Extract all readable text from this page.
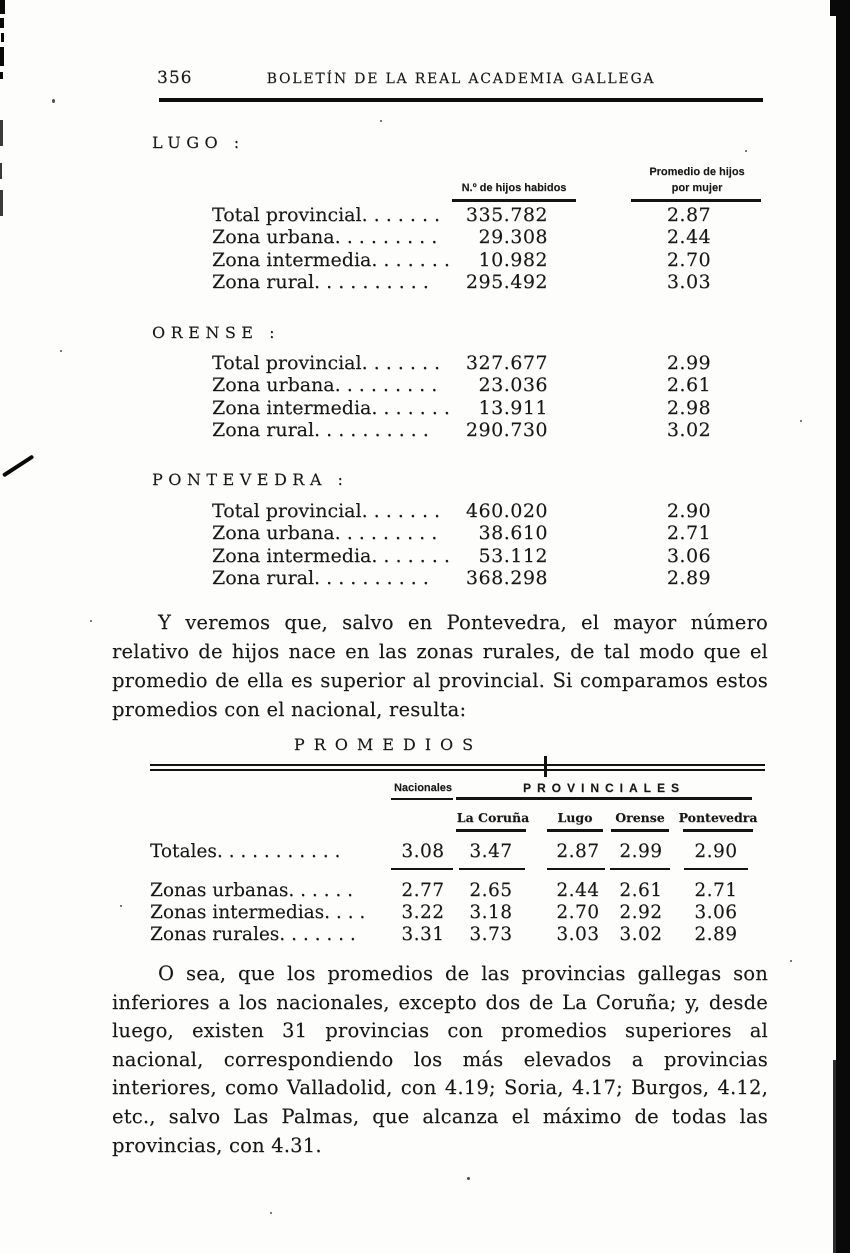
356	BOLETÍN DE LA REAL ACADEMIA GALLEGA
LUGO :
N.º de hijos habidos
Promedio de hijos
por mujer
Total provincial. . . . . . .	335.782	2.87
Zona urbana. . . . . . . . .	29.308	2.44
Zona intermedia. . . . . . .	10.982	2.70
Zona rural. . . . . . . . . .	295.492	3.03
ORENSE :
Total provincial. . . . . . .	327.677	2.99
Zona urbana. . . . . . . . .	23.036	2.61
Zona intermedia. . . . . . .	13.911	2.98
Zona rural. . . . . . . . . .	290.730	3.02
PONTEVEDRA :
Total provincial. . . . . . .	460.020	2.90
Zona urbana. . . . . . . . .	38.610	2.71
Zona intermedia. . . . . . .	53.112	3.06
Zona rural. . . . . . . . . .	368.298	2.89

Y veremos que, salvo en Pontevedra, el mayor número relativo de hijos nace en las zonas rurales, de tal modo que el promedio de ella es superior al provincial. Si comparamos estos promedios con el nacional, resulta:

PROMEDIOS
Nacionales	PROVINCIALES
La Coruña	Lugo	Orense	Pontevedra
Totales. . . . . . . . . . .	3.08	3.47	2.87	2.99	2.90
Zonas urbanas. . . . . .	2.77	2.65	2.44	2.61	2.71
Zonas intermedias. . . .	3.22	3.18	2.70	2.92	3.06
Zonas rurales. . . . . . .	3.31	3.73	3.03	3.02	2.89

O sea, que los promedios de las provincias gallegas son inferiores a los nacionales, excepto dos de La Coruña; y, desde luego, existen 31 provincias con promedios superiores al nacional, correspondiendo los más elevados a provincias interiores, como Valladolid, con 4.19; Soria, 4.17; Burgos, 4.12, etc., salvo Las Palmas, que alcanza el máximo de todas las provincias, con 4.31.
